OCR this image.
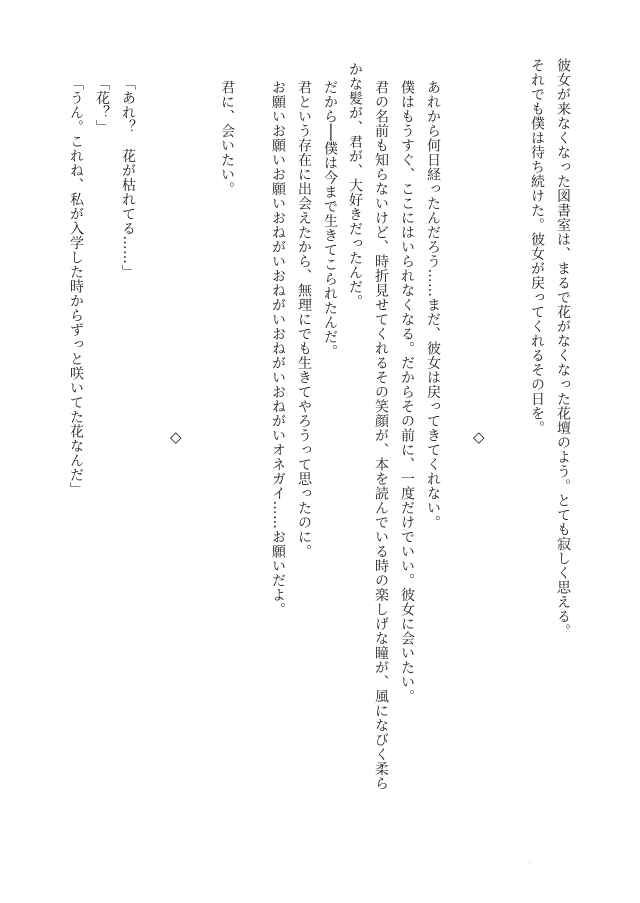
彼女が来なくなった図書室は、まるで花がなくなった花壇のよう。とても寂しく思える。
それでも僕は待ち続けた。彼女が戻ってくれるその日を。
◇
あれから何日経ったんだろう……まだ、彼女は戻ってきてくれない。
僕はもうすぐ、ここにはいられなくなる。だからその前に、一度だけでいい。彼女に会いたい。
君の名前も知らないけど、時折見せてくれるその笑顔が、本を読んでいる時の楽しげな瞳が、風になびく柔ら
かな髪が、君が、大好きだったんだ。
だから──僕は今まで生きてこられたんだ。
君という存在に出会えたから、無理にでも生きてやろうって思ったのに。
お願いお願いお願いおねがいおねがいおねがいおねがいオネガイ……お願いだよ。
君に、会いたい。
◇
「あれ？　花が枯れてる……」
「花？」
「うん。これね、私が入学した時からずっと咲いてた花なんだ」
